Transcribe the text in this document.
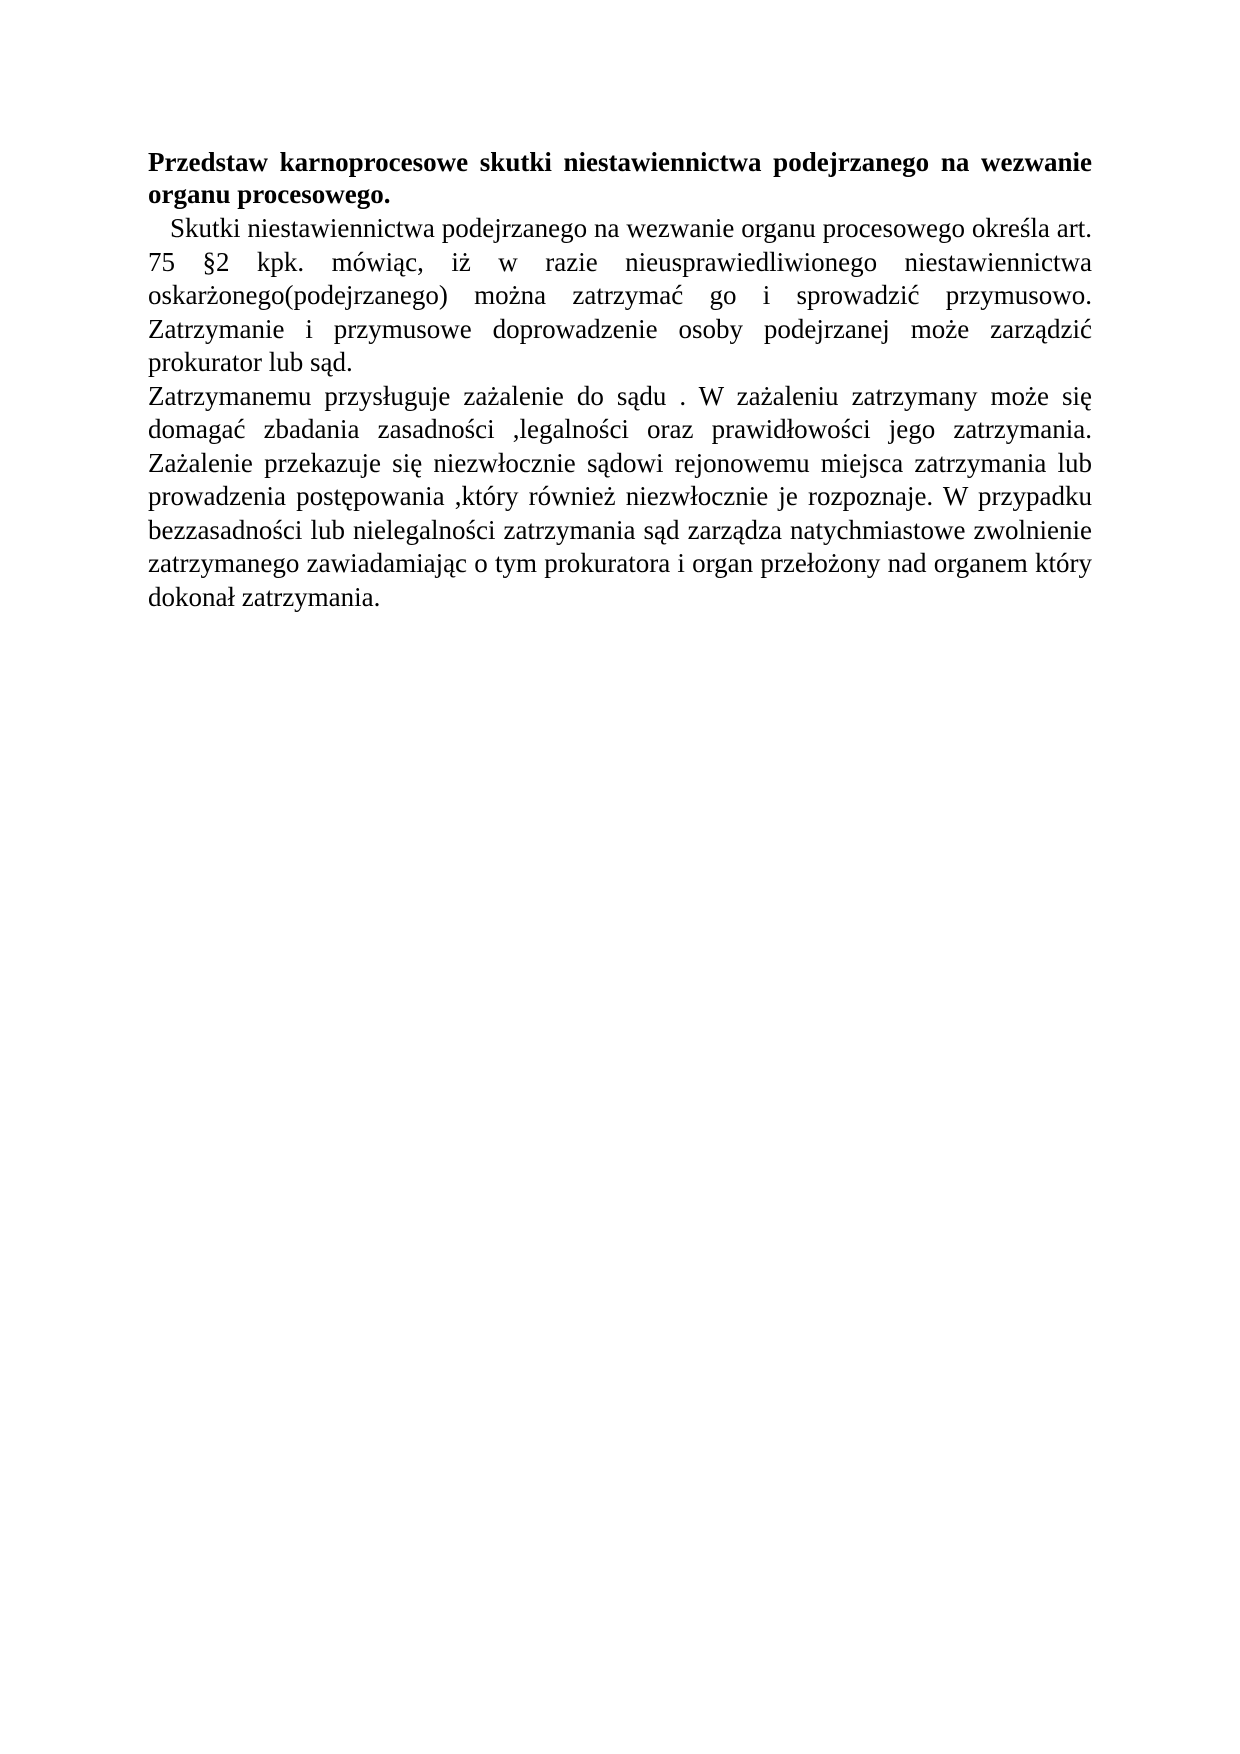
Przedstaw karnoprocesowe skutki niestawiennictwa podejrzanego na wezwanie organu procesowego.

Skutki niestawiennictwa podejrzanego na wezwanie organu procesowego określa art. 75 §2 kpk. mówiąc, iż w razie nieusprawiedliwionego niestawiennictwa oskarżonego(podejrzanego) można zatrzymać go i sprowadzić przymusowo. Zatrzymanie i przymusowe doprowadzenie osoby podejrzanej może zarządzić prokurator lub sąd.

Zatrzymanemu przysługuje zażalenie do sądu . W zażaleniu zatrzymany może się domagać zbadania zasadności ,legalności oraz prawidłowości jego zatrzymania. Zażalenie przekazuje się niezwłocznie sądowi rejonowemu miejsca zatrzymania lub prowadzenia postępowania ,który również niezwłocznie je rozpoznaje. W przypadku bezzasadności lub nielegalności zatrzymania sąd zarządza natychmiastowe zwolnienie zatrzymanego zawiadamiając o tym prokuratora i organ przełożony nad organem który dokonał zatrzymania.
